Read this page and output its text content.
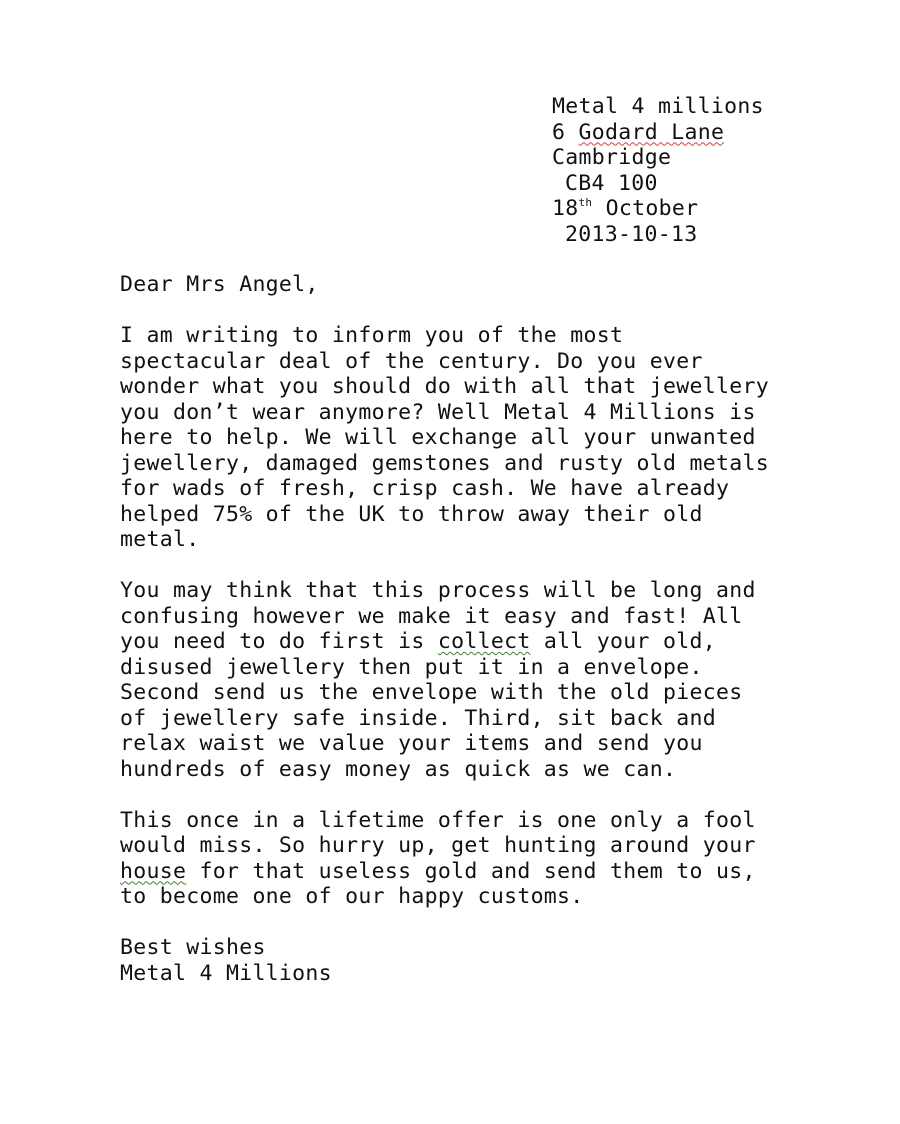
Metal 4 millions
6 Godard Lane
Cambridge
CB4 100
18th October
2013-10-13
Dear Mrs Angel,
I am writing to inform you of the most
spectacular deal of the century. Do you ever
wonder what you should do with all that jewellery
you don’t wear anymore? Well Metal 4 Millions is
here to help. We will exchange all your unwanted
jewellery, damaged gemstones and rusty old metals
for wads of fresh, crisp cash. We have already
helped 75% of the UK to throw away their old
metal.
You may think that this process will be long and
confusing however we make it easy and fast! All
you need to do first is collect all your old,
disused jewellery then put it in a envelope.
Second send us the envelope with the old pieces
of jewellery safe inside. Third, sit back and
relax waist we value your items and send you
hundreds of easy money as quick as we can.
This once in a lifetime offer is one only a fool
would miss. So hurry up, get hunting around your
house for that useless gold and send them to us,
to become one of our happy customs.
Best wishes
Metal 4 Millions
